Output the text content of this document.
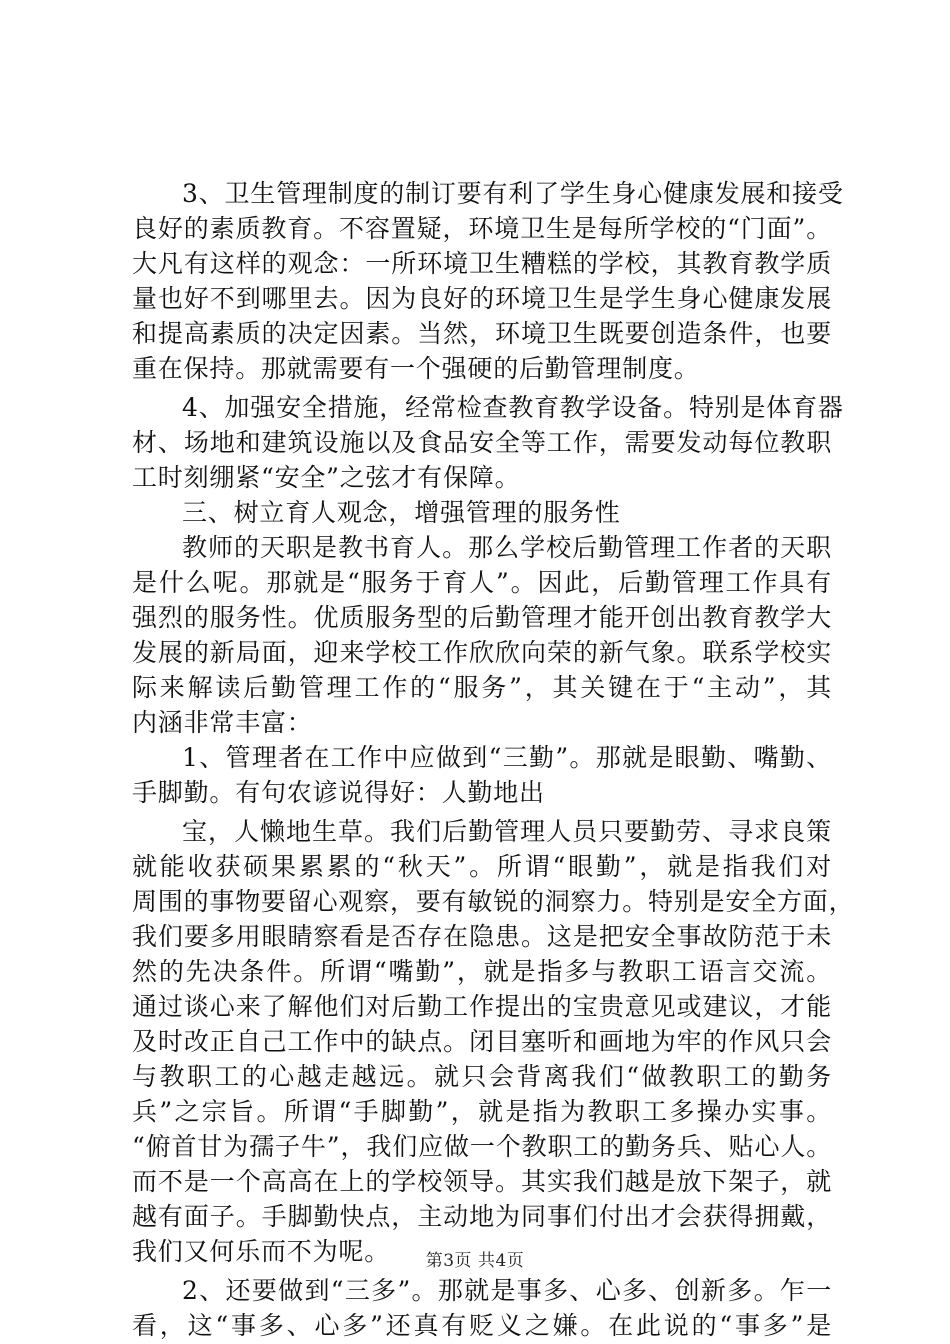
3、卫生管理制度的制订要有利了学生身心健康发展和接受
良好的素质教育。不容置疑，环境卫生是每所学校的“门面”。
大凡有这样的观念：一所环境卫生糟糕的学校，其教育教学质
量也好不到哪里去。因为良好的环境卫生是学生身心健康发展
和提高素质的决定因素。当然，环境卫生既要创造条件，也要
重在保持。那就需要有一个强硬的后勤管理制度。
4、加强安全措施，经常检查教育教学设备。特别是体育器
材、场地和建筑设施以及食品安全等工作，需要发动每位教职
工时刻绷紧“安全”之弦才有保障。
三、树立育人观念，增强管理的服务性
教师的天职是教书育人。那么学校后勤管理工作者的天职
是什么呢。那就是“服务于育人”。因此，后勤管理工作具有
强烈的服务性。优质服务型的后勤管理才能开创出教育教学大
发展的新局面，迎来学校工作欣欣向荣的新气象。联系学校实
际来解读后勤管理工作的“服务”，其关键在于“主动”，其
内涵非常丰富：
1、管理者在工作中应做到“三勤”。那就是眼勤、嘴勤、
手脚勤。有句农谚说得好：人勤地出
宝，人懒地生草。我们后勤管理人员只要勤劳、寻求良策
就能收获硕果累累的“秋天”。所谓“眼勤”，就是指我们对
周围的事物要留心观察，要有敏锐的洞察力。特别是安全方面，
我们要多用眼睛察看是否存在隐患。这是把安全事故防范于未
然的先决条件。所谓“嘴勤”，就是指多与教职工语言交流。
通过谈心来了解他们对后勤工作提出的宝贵意见或建议，才能
及时改正自己工作中的缺点。闭目塞听和画地为牢的作风只会
与教职工的心越走越远。就只会背离我们“做教职工的勤务
兵”之宗旨。所谓“手脚勤”，就是指为教职工多操办实事。
“俯首甘为孺子牛”，我们应做一个教职工的勤务兵、贴心人。
而不是一个高高在上的学校领导。其实我们越是放下架子，就
越有面子。手脚勤快点，主动地为同事们付出才会获得拥戴，
我们又何乐而不为呢。
2、还要做到“三多”。那就是事多、心多、创新多。乍一
看，这“事多、心多”还真有贬义之嫌。在此说的“事多”是
第3页 共4页
